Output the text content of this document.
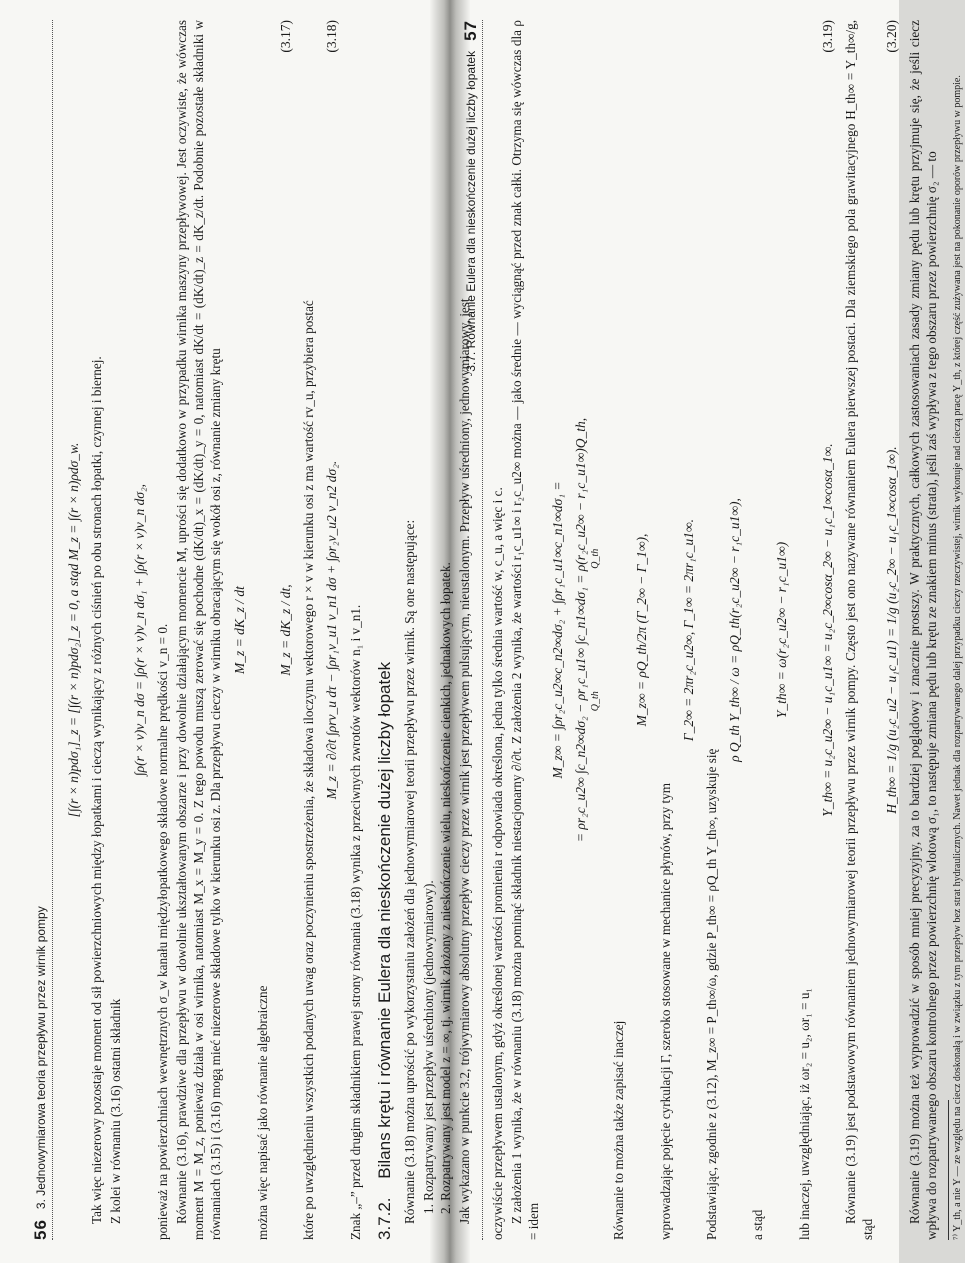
56
3. Jednowymiarowa teoria przepływu przez wirnik pompy
[∫(r × n)pdσ₁]_z = [∫(r × n)pdσ₂]_z = 0, a stąd M_z = ∫(r × n)ρdσ_w. Tak więc niezerowy pozostaje moment od sił powierzchniowych między łopatkami i cieczą wynikający z różnych ciśnień po obu stronach łopatki, czynnej i biernej. Z kolei w równaniu (3.16) ostatni składnik

∫ρ(r × v)v_n dσ = ∫ρ(r × v)v_n dσ₁ + ∫ρ(r × v)v_n dσ₂, ponieważ na powierzchniach wewnętrznych σ_w kanału międzyłopatkowego składowe normalne prędkości v_n = 0. Równanie (3.16), prawdziwe dla przepływu w dowolnie ukształtowanym obszarze i przy dowolnie działającym momencie M, uprości się dodatkowo w przypadku wirnika maszyny przepływowej. Jest oczywiste, że wówczas moment M = M_z, ponieważ działa w osi wirnika, natomiast M_x = M_y = 0. Z tego powodu muszą zerować się pochodne (dK/dt)_x = (dK/dt)_y = 0, natomiast dK/dt = (dK/dt)_z = dK_z/dt. Podobnie pozostałe składniki w równaniach (3.15) i (3.16) mogą mieć niezerowe składowe tylko w kierunku osi z. Dla przepływu cieczy w wirniku obracającym się wokół osi z, równanie zmiany krętu M_z = dK_z / dt

można więc napisać jako równanie algebraiczne

M_z = dK_z / dt,
(3.17)

które po uwzględnieniu wszystkich podanych uwag oraz poczynieniu spostrzeżenia, że składowa iloczynu wektorowego r × v w kierunku osi z ma wartość rv_u, przybiera postać M_z = ∂/∂t ∫ρrv_u dτ − ∫ρr₁v_u1 v_n1 dσ + ∫ρr₂v_u2 v_n2 dσ₂.
(3.18)

Znak „–” przed drugim składnikiem prawej strony równania (3.18) wynika z przeciwnych zwrotów wektorów n₁ i v_n1. 3.7.2. Bilans krętu i równanie Eulera dla nieskończenie dużej liczby łopatek Równanie (3.18) można uprościć po wykorzystaniu założeń dla jednowymiarowej teorii przepływu przez wirnik. Są one następujące: 1. Rozpatrywany jest przepływ uśredniony (jednowymiarowy). 2. Rozpatrywany jest model z = ∞, tj. wirnik złożony z nieskończenie wielu, nieskończenie cienkich, jednakowych łopatek. Jak wykazano w punkcie 3.2, trójwymiarowy absolutny przepływ cieczy przez wirnik jest przepływem pulsującym, nieustalonym. Przepływ uśredniony, jednowymiarowy, jest

3.7. Równanie Eulera dla nieskończenie dużej liczby łopatek
57

oczywiście przepływem ustalonym, gdyż określonej wartości promienia r odpowiada określona, jedna tylko średnia wartość w, c_u, a więc i c. Z założenia 1 wynika, że w równaniu (3.18) można pominąć składnik niestacjonarny ∂/∂t. Z założenia 2 wynika, że wartości r₁c_u1∞ i r₂c_u2∞ można — jako średnie — wyciągnąć przed znak całki. Otrzyma się wówczas dla ρ = idem

M_z∞ = ∫ρr₂c_u2∞c_n2∞dσ₂ + ∫ρr₁c_u1∞c_n1∞dσ₁ = = ρr₂c_u2∞ ∫c_n2∞dσ₂ − ρr₁c_u1∞ ∫c_n1∞dσ₁ = ρ(r₂c_u2∞ − r₁c_u1∞)Q_th, Q_th Q_th

Równanie to można także zapisać inaczej

M_z∞ = ρQ_th/2π (Γ_2∞ − Γ_1∞),

wprowadzając pojęcie cyrkulacji Γ, szeroko stosowane w mechanice płynów, przy tym

Γ_2∞ = 2πr₂c_u2∞, Γ_1∞ = 2πr₁c_u1∞.

Podstawiając, zgodnie z (3.12), M_z∞ = P_th∞/ω, gdzie P_th∞ = ρQ_th Y_th∞, uzyskuje się

ρ Q_th Y_th∞ / ω = ρQ_th(r₂c_u2∞ − r₁c_u1∞),

a stąd

Y_th∞ = ω(r₂c_u2∞ − r₁c_u1∞)

lub inaczej, uwzględniając, iż ωr₂ = u₂, ωr₁ = u₁

Y_th∞ = u₂c_u2∞ − u₁c_u1∞ = u₂c_2∞cosα_2∞ − u₁c_1∞cosα_1∞.
(3.19) Równanie (3.19) jest podstawowym równaniem jednowymiarowej teorii przepływu przez wirnik pompy. Często jest ono nazywane równaniem Eulera pierwszej postaci. Dla ziemskiego pola grawitacyjnego H_th∞ = Y_th∞/g, stąd

H_th∞ = 1/g (u₂c_u2 − u₁c_u1) = 1/g (u₂c_2∞ − u₁c_1∞cosα_1∞).
(3.20) Równanie (3.19) można też wyprowadzić w sposób mniej precyzyjny, za to bardziej poglądowy i znacznie prostszy. W praktycznych, całkowych zastosowaniach zasady zmiany pędu lub krętu przyjmuje się, że jeśli ciecz wpływa do rozpatrywanego obszaru kontrolnego przez powierzchnię wlotową σ₁, to następuje zmiana pędu lub krętu ze znakiem minus (strata), jeśli zaś wypływa z tego obszaru przez powierzchnię σ₂ — to ⁷⁾ Y_th, a nie Y — ze względu na ciecz doskonałą i w związku z tym przepływ bez strat hydraulicznych. Nawet jednak dla rozpatrywanego dalej przypadku cieczy rzeczywistej, wirnik wykonuje nad cieczą pracę Y_th, z której część zużywana jest na pokonanie oporów przepływu w pompie.
